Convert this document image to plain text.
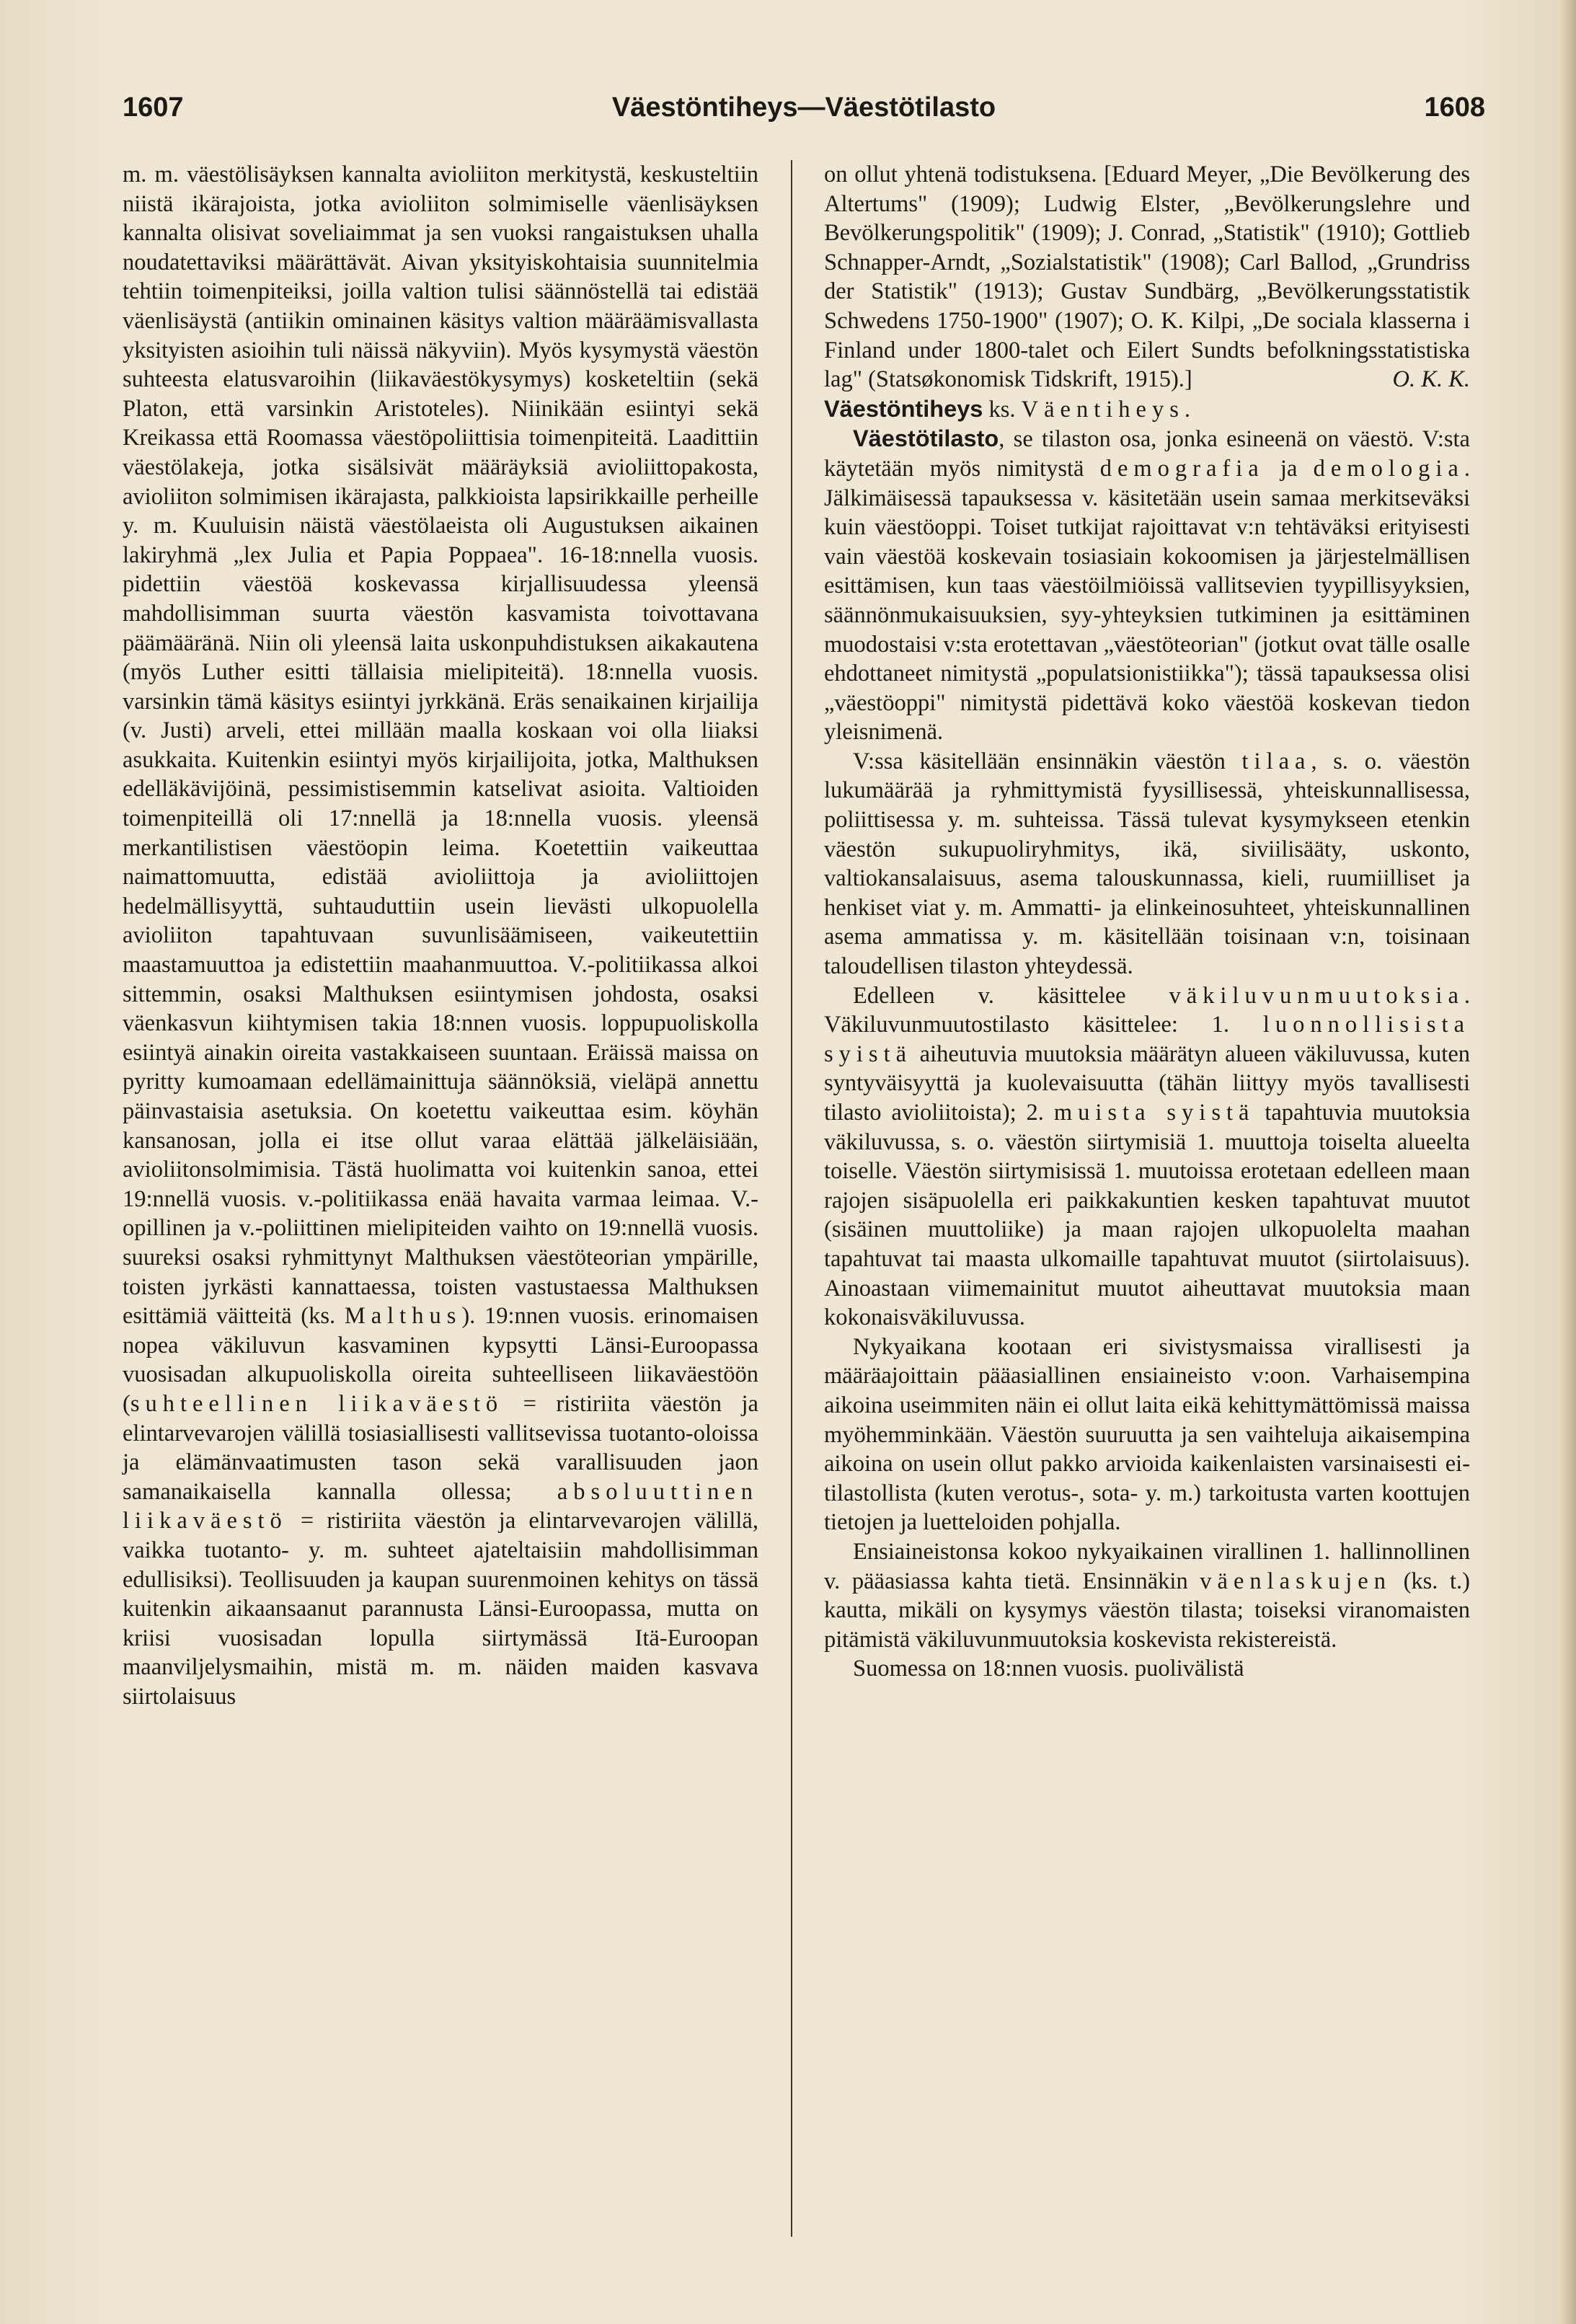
1607	Väestöntiheys—Väestötilasto	1608

m. m. väestölisäyksen kannalta avioliiton merkitystä, keskusteltiin niistä ikärajoista, jotka avioliiton solmimiselle väenlisäyksen kannalta olisivat soveliaimmat ja sen vuoksi rangaistuksen uhalla noudatettaviksi määrättävät. Aivan yksityiskohtaisia suunnitelmia tehtiin toimenpiteiksi, joilla valtion tulisi säännöstellä tai edistää väenlisäystä (antiikin ominainen käsitys valtion määräämisvallasta yksityisten asioihin tuli näissä näkyviin). Myös kysymystä väestön suhteesta elatusvaroihin (liikaväestökysymys) kosketeltiin (sekä Platon, että varsinkin Aristoteles). Niinikään esiintyi sekä Kreikassa että Roomassa väestöpoliittisia toimenpiteitä. Laadittiin väestölakeja, jotka sisälsivät määräyksiä avioliittopakosta, avioliiton solmimisen ikärajasta, palkkioista lapsirikkaille perheille y. m. Kuuluisin näistä väestölaeista oli Augustuksen aikainen lakiryhmä „lex Julia et Papia Poppaea". 16-18:nnella vuosis. pidettiin väestöä koskevassa kirjallisuudessa yleensä mahdollisimman suurta väestön kasvamista toivottavana päämääränä. Niin oli yleensä laita uskonpuhdistuksen aikakautena (myös Luther esitti tällaisia mielipiteitä). 18:nnella vuosis. varsinkin tämä käsitys esiintyi jyrkkänä. Eräs senaikainen kirjailija (v. Justi) arveli, ettei millään maalla koskaan voi olla liiaksi asukkaita. Kuitenkin esiintyi myös kirjailijoita, jotka, Malthuksen edelläkävijöinä, pessimistisemmin katselivat asioita. Valtioiden toimenpiteillä oli 17:nnellä ja 18:nnella vuosis. yleensä merkantilistisen väestöopin leima. Koetettiin vaikeuttaa naimattomuutta, edistää avioliittoja ja avioliittojen hedelmällisyyttä, suhtauduttiin usein lievästi ulkopuolella avioliiton tapahtuvaan suvunlisäämiseen, vaikeutettiin maastamuuttoa ja edistettiin maahanmuuttoa. V.-politiikassa alkoi sittemmin, osaksi Malthuksen esiintymisen johdosta, osaksi väenkasvun kiihtymisen takia 18:nnen vuosis. loppupuoliskolla esiintyä ainakin oireita vastakkaiseen suuntaan. Eräissä maissa on pyritty kumoamaan edellämainittuja säännöksiä, vieläpä annettu päinvastaisia asetuksia. On koetettu vaikeuttaa esim. köyhän kansanosan, jolla ei itse ollut varaa elättää jälkeläisiään, avioliitonsolmimisia. Tästä huolimatta voi kuitenkin sanoa, ettei 19:nnellä vuosis. v.-politiikassa enää havaita varmaa leimaa. V.-opillinen ja v.-poliittinen mielipiteiden vaihto on 19:nnellä vuosis. suureksi osaksi ryhmittynyt Malthuksen väestöteorian ympärille, toisten jyrkästi kannattaessa, toisten vastustaessa Malthuksen esittämiä väitteitä (ks. Malthus). 19:nnen vuosis. erinomaisen nopea väkiluvun kasvaminen kypsytti Länsi-Euroopassa vuosisadan alkupuoliskolla oireita suhteelliseen liikaväestöön (suhteellinen liikaväestö = ristiriita väestön ja elintarvevarojen välillä tosiasiallisesti vallitsevissa tuotanto-oloissa ja elämänvaatimusten tason sekä varallisuuden jaon samanaikaisella kannalla ollessa; absoluuttinen liikaväestö = ristiriita väestön ja elintarvevarojen välillä, vaikka tuotanto- y. m. suhteet ajateltaisiin mahdollisimman edullisiksi). Teollisuuden ja kaupan suurenmoinen kehitys on tässä kuitenkin aikaansaanut parannusta Länsi-Euroopassa, mutta on kriisi vuosisadan lopulla siirtymässä Itä-Euroopan maanviljelysmaihin, mistä m. m. näiden maiden kasvava siirtolaisuus

on ollut yhtenä todistuksena. [Eduard Meyer, „Die Bevölkerung des Altertums" (1909); Ludwig Elster, „Bevölkerungslehre und Bevölkerungspolitik" (1909); J. Conrad, „Statistik" (1910); Gottlieb Schnapper-Arndt, „Sozialstatistik" (1908); Carl Ballod, „Grundriss der Statistik" (1913); Gustav Sundbärg, „Bevölkerungsstatistik Schwedens 1750-1900" (1907); O. K. Kilpi, „De sociala klasserna i Finland under 1800-talet och Eilert Sundts befolkningsstatistiska lag" (Statsøkonomisk Tidskrift, 1915).]	O. K. K.

Väestöntiheys ks. Väentiheys.

Väestötilasto, se tilaston osa, jonka esineenä on väestö. V:sta käytetään myös nimitystä demografia ja demologia. Jälkimäisessä tapauksessa v. käsitetään usein samaa merkitseväksi kuin väestöoppi. Toiset tutkijat rajoittavat v:n tehtäväksi erityisesti vain väestöä koskevain tosiasiain kokoomisen ja järjestelmällisen esittämisen, kun taas väestöilmiöissä vallitsevien tyypillisyyksien, säännönmukaisuuksien, syy-yhteyksien tutkiminen ja esittäminen muodostaisi v:sta erotettavan „väestöteorian" (jotkut ovat tälle osalle ehdottaneet nimitystä „populatsionistiikka"); tässä tapauksessa olisi „väestöoppi" nimitystä pidettävä koko väestöä koskevan tiedon yleisnimenä.

V:ssa käsitellään ensinnäkin väestön tilaa, s. o. väestön lukumäärää ja ryhmittymistä fyysillisessä, yhteiskunnallisessa, poliittisessa y. m. suhteissa. Tässä tulevat kysymykseen etenkin väestön sukupuoliryhmitys, ikä, siviilisääty, uskonto, valtiokansalaisuus, asema talouskunnassa, kieli, ruumiilliset ja henkiset viat y. m. Ammatti- ja elinkeinosuhteet, yhteiskunnallinen asema ammatissa y. m. käsitellään toisinaan v:n, toisinaan taloudellisen tilaston yhteydessä.

Edelleen v. käsittelee väkiluvunmuutoksia. Väkiluvunmuutostilasto käsittelee: 1. luonnollisista syistä aiheutuvia muutoksia määrätyn alueen väkiluvussa, kuten syntyväisyyttä ja kuolevaisuutta (tähän liittyy myös tavallisesti tilasto avioliitoista); 2. muista syistä tapahtuvia muutoksia väkiluvussa, s. o. väestön siirtymisiä 1. muuttoja toiselta alueelta toiselle. Väestön siirtymisissä 1. muutoissa erotetaan edelleen maan rajojen sisäpuolella eri paikkakuntien kesken tapahtuvat muutot (sisäinen muuttoliike) ja maan rajojen ulkopuolelta maahan tapahtuvat tai maasta ulkomaille tapahtuvat muutot (siirtolaisuus). Ainoastaan viimemainitut muutot aiheuttavat muutoksia maan kokonaisväkiluvussa.

Nykyaikana kootaan eri sivistysmaissa virallisesti ja määräajoittain pääasiallinen ensiaineisto v:oon. Varhaisempina aikoina useimmiten näin ei ollut laita eikä kehittymättömissä maissa myöhemminkään. Väestön suuruutta ja sen vaihteluja aikaisempina aikoina on usein ollut pakko arvioida kaikenlaisten varsinaisesti ei-tilastollista (kuten verotus-, sota- y. m.) tarkoitusta varten koottujen tietojen ja luetteloiden pohjalla.

Ensiaineistonsa kokoo nykyaikainen virallinen 1. hallinnollinen v. pääasiassa kahta tietä. Ensinnäkin väenlaskujen (ks. t.) kautta, mikäli on kysymys väestön tilasta; toiseksi viranomaisten pitämistä väkiluvunmuutoksia koskevista rekistereistä.

Suomessa on 18:nnen vuosis. puolivälistä
